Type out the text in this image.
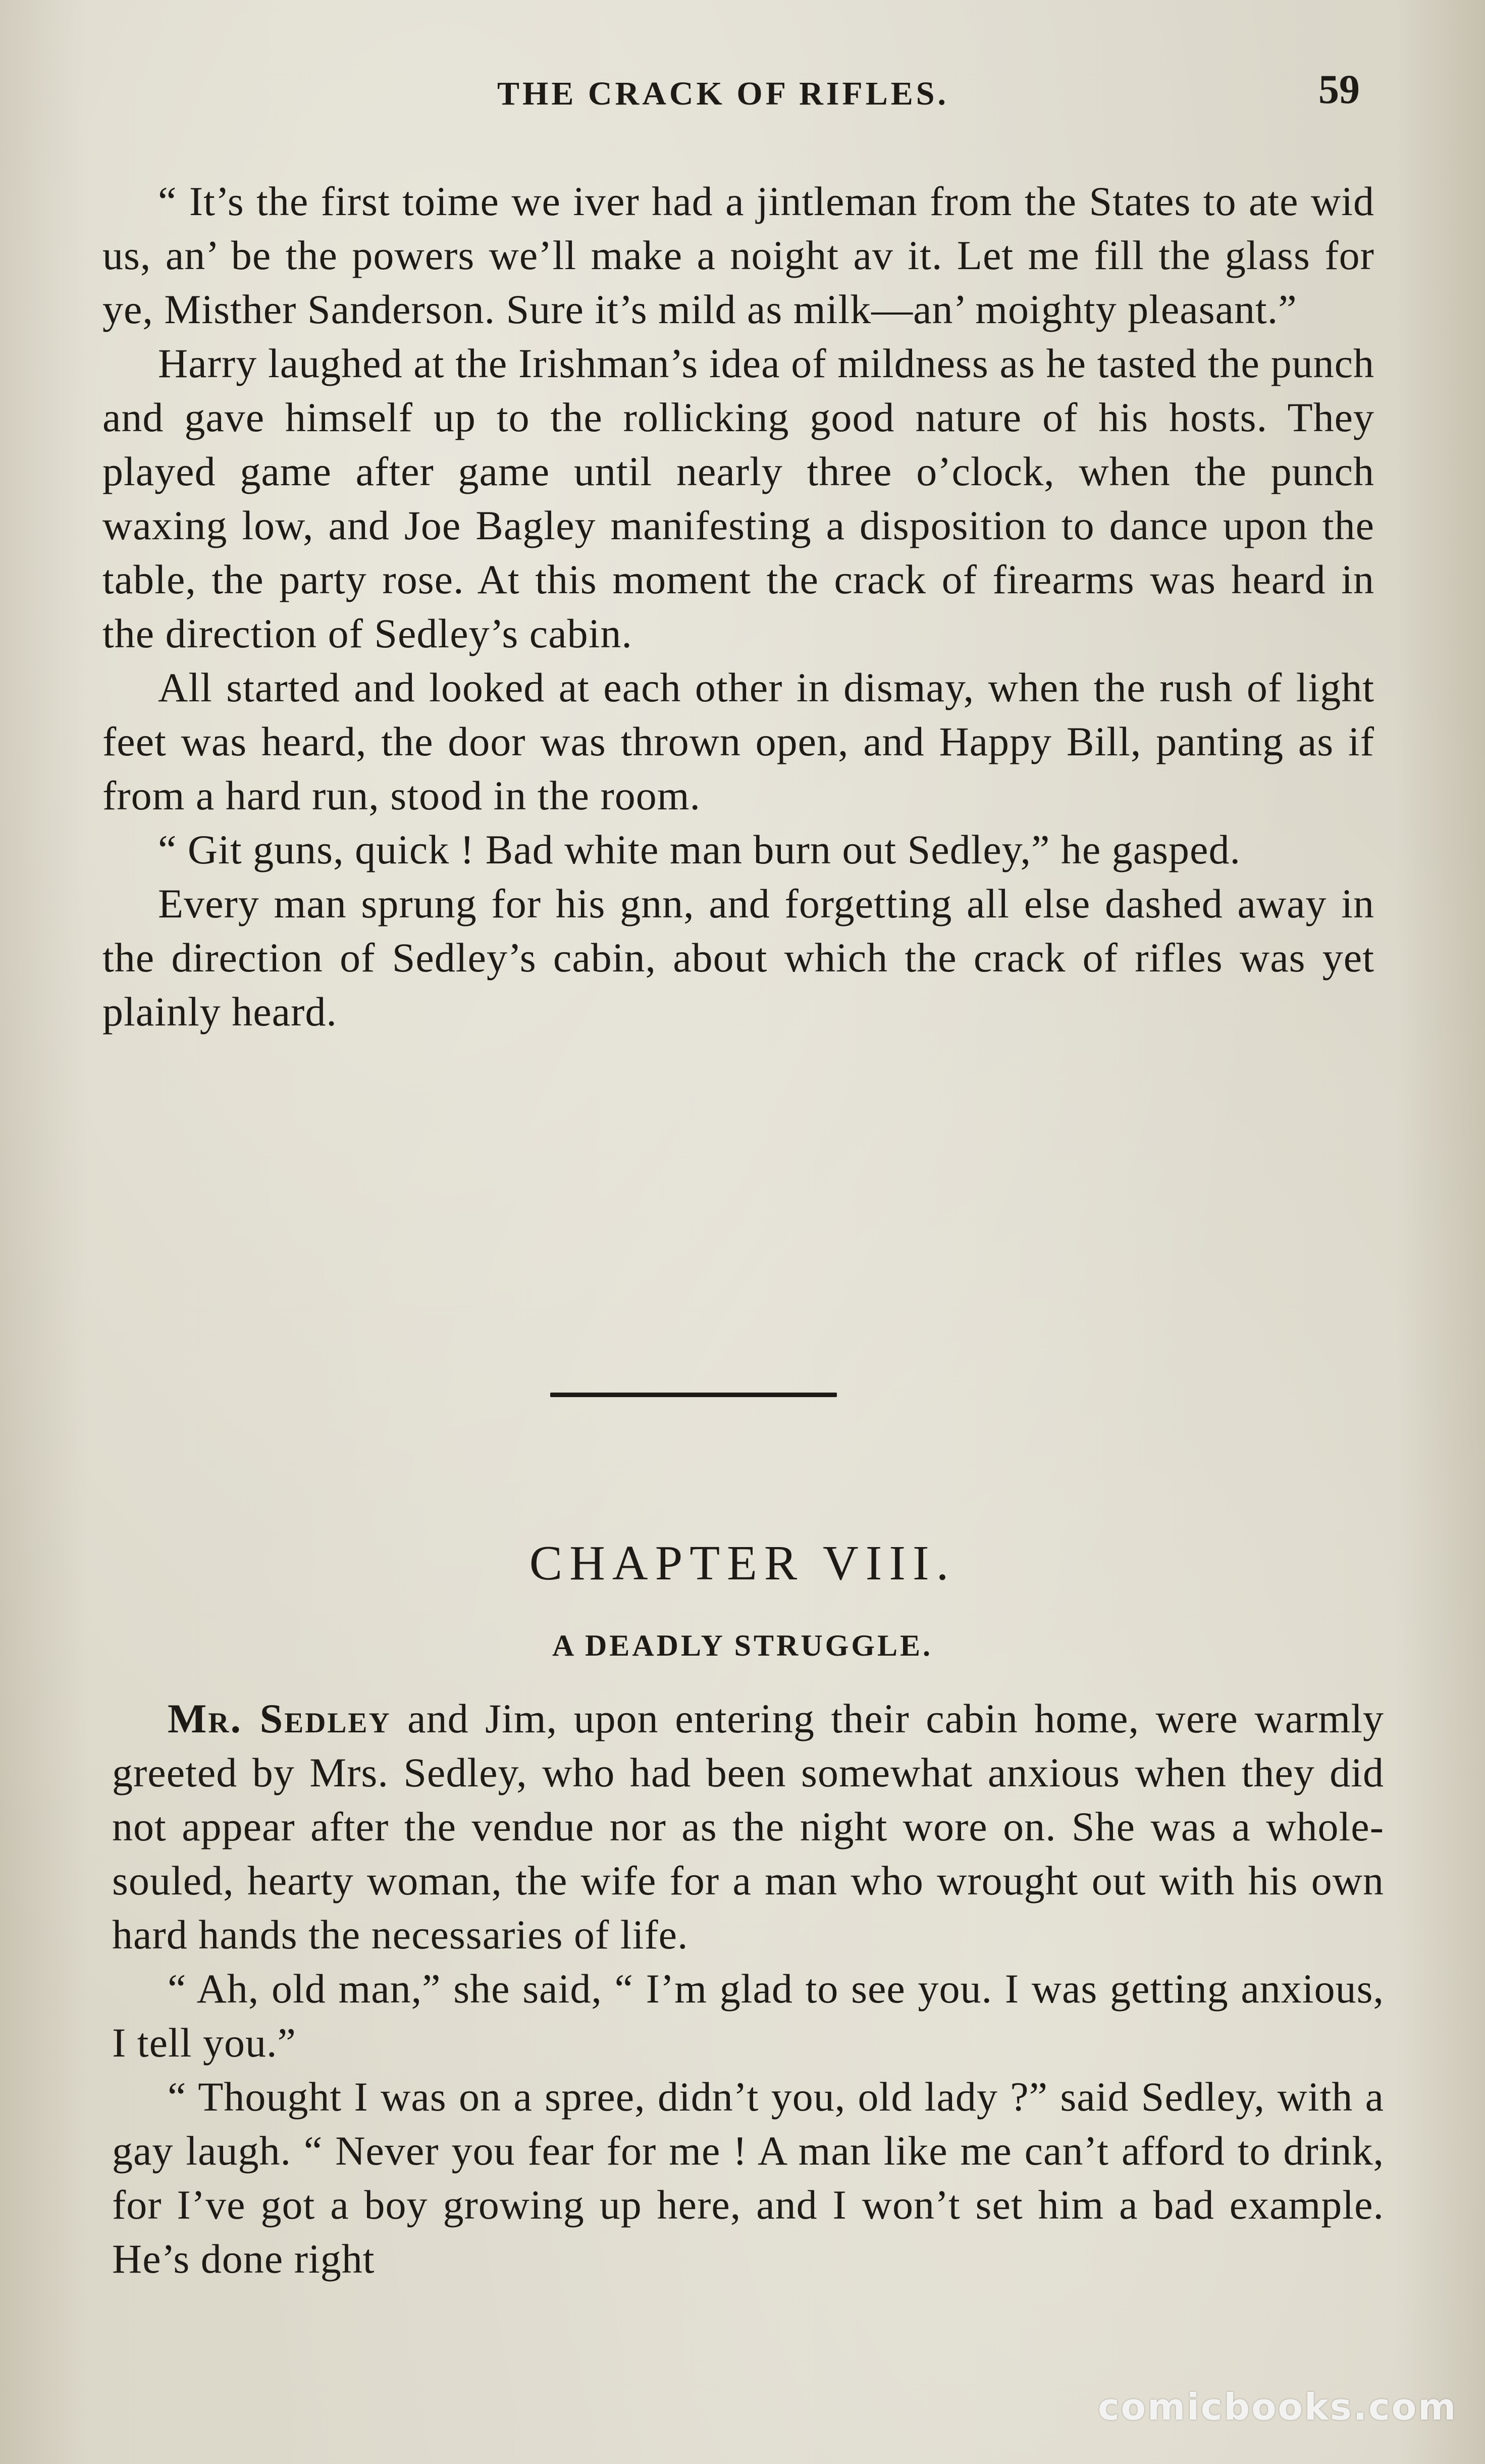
THE CRACK OF RIFLES.	59

“ It’s the first toime we iver had a jintleman from the States to ate wid us, an’ be the powers we’ll make a noight av it. Let me fill the glass for ye, Misther Sanderson. Sure it’s mild as milk—an’ moighty pleasant.”

Harry laughed at the Irishman’s idea of mildness as he tasted the punch and gave himself up to the rollicking good nature of his hosts. They played game after game until nearly three o’clock, when the punch waxing low, and Joe Bagley manifesting a disposition to dance upon the table, the party rose. At this moment the crack of firearms was heard in the direction of Sedley’s cabin.

All started and looked at each other in dismay, when the rush of light feet was heard, the door was thrown open, and Happy Bill, panting as if from a hard run, stood in the room.

“ Git guns, quick ! Bad white man burn out Sedley,” he gasped.

Every man sprung for his gnn, and forgetting all else dashed away in the direction of Sedley’s cabin, about which the crack of rifles was yet plainly heard.

CHAPTER VIII.
A DEADLY STRUGGLE.

Mr. Sedley and Jim, upon entering their cabin home, were warmly greeted by Mrs. Sedley, who had been somewhat anxious when they did not appear after the vendue nor as the night wore on. She was a whole-souled, hearty woman, the wife for a man who wrought out with his own hard hands the necessaries of life.

“ Ah, old man,” she said, “ I’m glad to see you. I was getting anxious, I tell you.”

“ Thought I was on a spree, didn’t you, old lady ?” said Sedley, with a gay laugh. “ Never you fear for me ! A man like me can’t afford to drink, for I’ve got a boy growing up here, and I won’t set him a bad example. He’s done right

comicbooks.com
